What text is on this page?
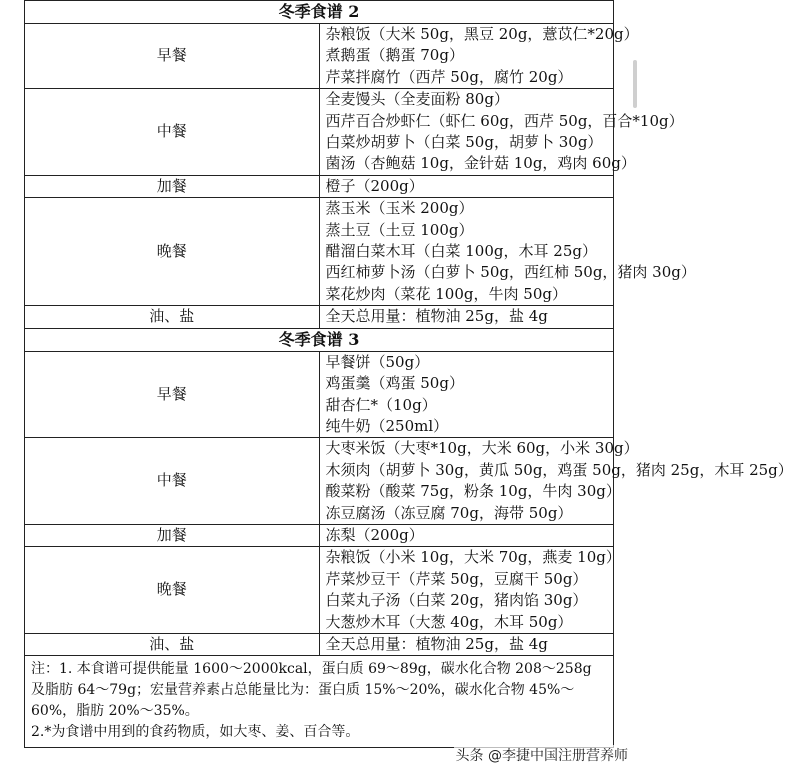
冬季食谱 2	
早餐	杂粮饭（大米 50g，黑豆 20g，薏苡仁*20g）
煮鹅蛋（鹅蛋 70g）
芹菜拌腐竹（西芹 50g，腐竹 20g）

中餐	全麦馒头（全麦面粉 80g）
西芹百合炒虾仁（虾仁 60g，西芹 50g，百合*10g）
白菜炒胡萝卜（白菜 50g，胡萝卜 30g）
菌汤（杏鲍菇 10g，金针菇 10g，鸡肉 60g）

加餐	橙子（200g）

晚餐	蒸玉米（玉米 200g）
蒸土豆（土豆 100g）
醋溜白菜木耳（白菜 100g，木耳 25g）
西红柿萝卜汤（白萝卜 50g，西红柿 50g，猪肉 30g）
菜花炒肉（菜花 100g，牛肉 50g）

油、盐	全天总用量：植物油 25g，盐 4g

冬季食谱 3	
早餐	早餐饼（50g）
鸡蛋羹（鸡蛋 50g）
甜杏仁*（10g）
纯牛奶（250ml）

中餐	大枣米饭（大枣*10g，大米 60g，小米 30g）
木须肉（胡萝卜 30g，黄瓜 50g，鸡蛋 50g，猪肉 25g，木耳 25g）
酸菜粉（酸菜 75g，粉条 10g，牛肉 30g）
冻豆腐汤（冻豆腐 70g，海带 50g）

加餐	冻梨（200g）

晚餐	杂粮饭（小米 10g，大米 70g，燕麦 10g）
芹菜炒豆干（芹菜 50g，豆腐干 50g）
白菜丸子汤（白菜 20g，猪肉馅 30g）
大葱炒木耳（大葱 40g，木耳 50g）

油、盐	全天总用量：植物油 25g，盐 4g

注：1. 本食谱可提供能量 1600～2000kcal，蛋白质 69～89g，碳水化合物 208～258g 及脂肪 64～79g；宏量营养素占总能量比为：蛋白质 15%～20%，碳水化合物 45%～60%，脂肪 20%～35%。

2.*为食谱中用到的食药物质，如大枣、姜、百合等。

头条 @李捷中国注册营养师
